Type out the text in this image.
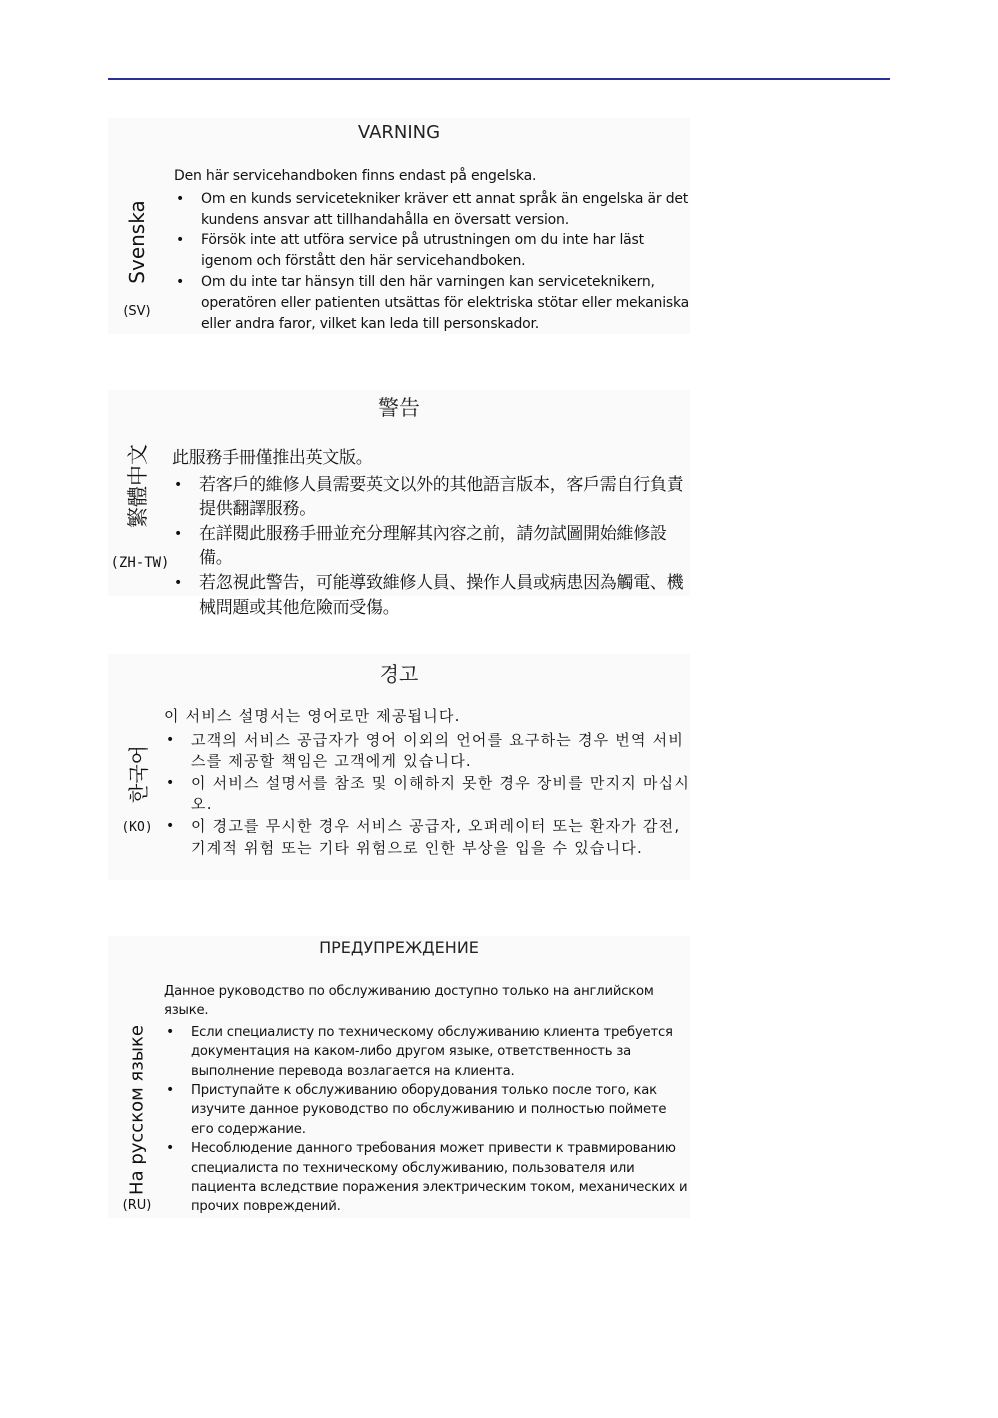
VARNING
Svenska
(SV)

Den här servicehandboken finns endast på engelska.

• Om en kunds servicetekniker kräver ett annat språk än engelska är det kundens ansvar att tillhandahålla en översatt version.
• Försök inte att utföra service på utrustningen om du inte har läst igenom och förstått den här servicehandboken.
• Om du inte tar hänsyn till den här varningen kan serviceteknikern, operatören eller patienten utsättas för elektriska stötar eller mekaniska eller andra faror, vilket kan leda till personskador.
警告
繁體中文
(ZH-TW)

此服務手冊僅推出英文版。

• 若客戶的維修人員需要英文以外的其他語言版本，客戶需自行負責提供翻譯服務。
• 在詳閱此服務手冊並充分理解其內容之前，請勿試圖開始維修設備。
• 若忽視此警告，可能導致維修人員、操作人員或病患因為觸電、機械問題或其他危險而受傷。
경고
한국어
(KO)

이 서비스 설명서는 영어로만 제공됩니다.

• 고객의 서비스 공급자가 영어 이외의 언어를 요구하는 경우 번역 서비스를 제공할 책임은 고객에게 있습니다.
• 이 서비스 설명서를 참조 및 이해하지 못한 경우 장비를 만지지 마십시오.
• 이 경고를 무시한 경우 서비스 공급자, 오퍼레이터 또는 환자가 감전, 기계적 위험 또는 기타 위험으로 인한 부상을 입을 수 있습니다.
ПРЕДУПРЕЖДЕНИЕ
На русском языке
(RU)

Данное руководство по обслуживанию доступно только на английском языке.

• Если специалисту по техническому обслуживанию клиента требуется документация на каком-либо другом языке, ответственность за выполнение перевода возлагается на клиента.
• Приступайте к обслуживанию оборудования только после того, как изучите данное руководство по обслуживанию и полностью поймете его содержание.
• Несоблюдение данного требования может привести к травмированию специалиста по техническому обслуживанию, пользователя или пациента вследствие поражения электрическим током, механических и прочих повреждений.
